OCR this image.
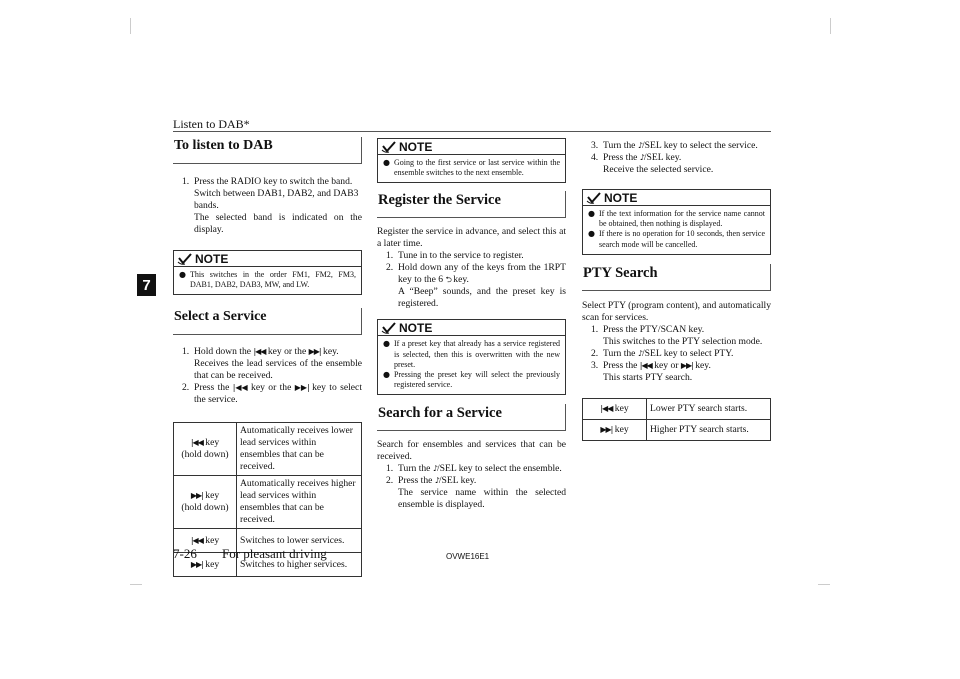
Listen to DAB*
7
To listen to DAB
1. Press the RADIO key to switch the band.
Switch between DAB1, DAB2, and DAB3 bands.
The selected band is indicated on the display.
NOTE
● This switches in the order FM1, FM2, FM3, DAB1, DAB2, DAB3, MW, and LW.
Select a Service
1. Hold down the |◀◀ key or the ▶▶| key.
Receives the lead services of the ensemble that can be received.
2. Press the |◀◀ key or the ▶▶| key to select the service.
|◀◀ key
(hold down)	Automatically receives lower lead services within ensembles that can be received.
▶▶| key
(hold down)	Automatically receives higher lead services within ensembles that can be received.
|◀◀ key	Switches to lower services.
▶▶| key	Switches to higher services.
NOTE
● Going to the first service or last service within the ensemble switches to the next ensemble.
Register the Service
Register the service in advance, and select this at a later time.
1. Tune in to the service to register.
2. Hold down any of the keys from the 1RPT key to the 6 ⮌ key.
A “Beep” sounds, and the preset key is registered.
NOTE
● If a preset key that already has a service registered is selected, then this is overwritten with the new preset.
● Pressing the preset key will select the previously registered service.
Search for a Service
Search for ensembles and services that can be received.
1. Turn the ♪/SEL key to select the ensemble.
2. Press the ♪/SEL key.
The service name within the selected ensemble is displayed.
3. Turn the ♪/SEL key to select the service.
4. Press the ♪/SEL key.
Receive the selected service.
NOTE
● If the text information for the service name cannot be obtained, then nothing is displayed.
● If there is no operation for 10 seconds, then service search mode will be cancelled.
PTY Search
Select PTY (program content), and automatically scan for services.
1. Press the PTY/SCAN key.
This switches to the PTY selection mode.
2. Turn the ♪/SEL key to select PTY.
3. Press the |◀◀ key or ▶▶| key.
This starts PTY search.
|◀◀ key	Lower PTY search starts.
▶▶| key	Higher PTY search starts.
7-26 For pleasant driving	OVWE16E1
